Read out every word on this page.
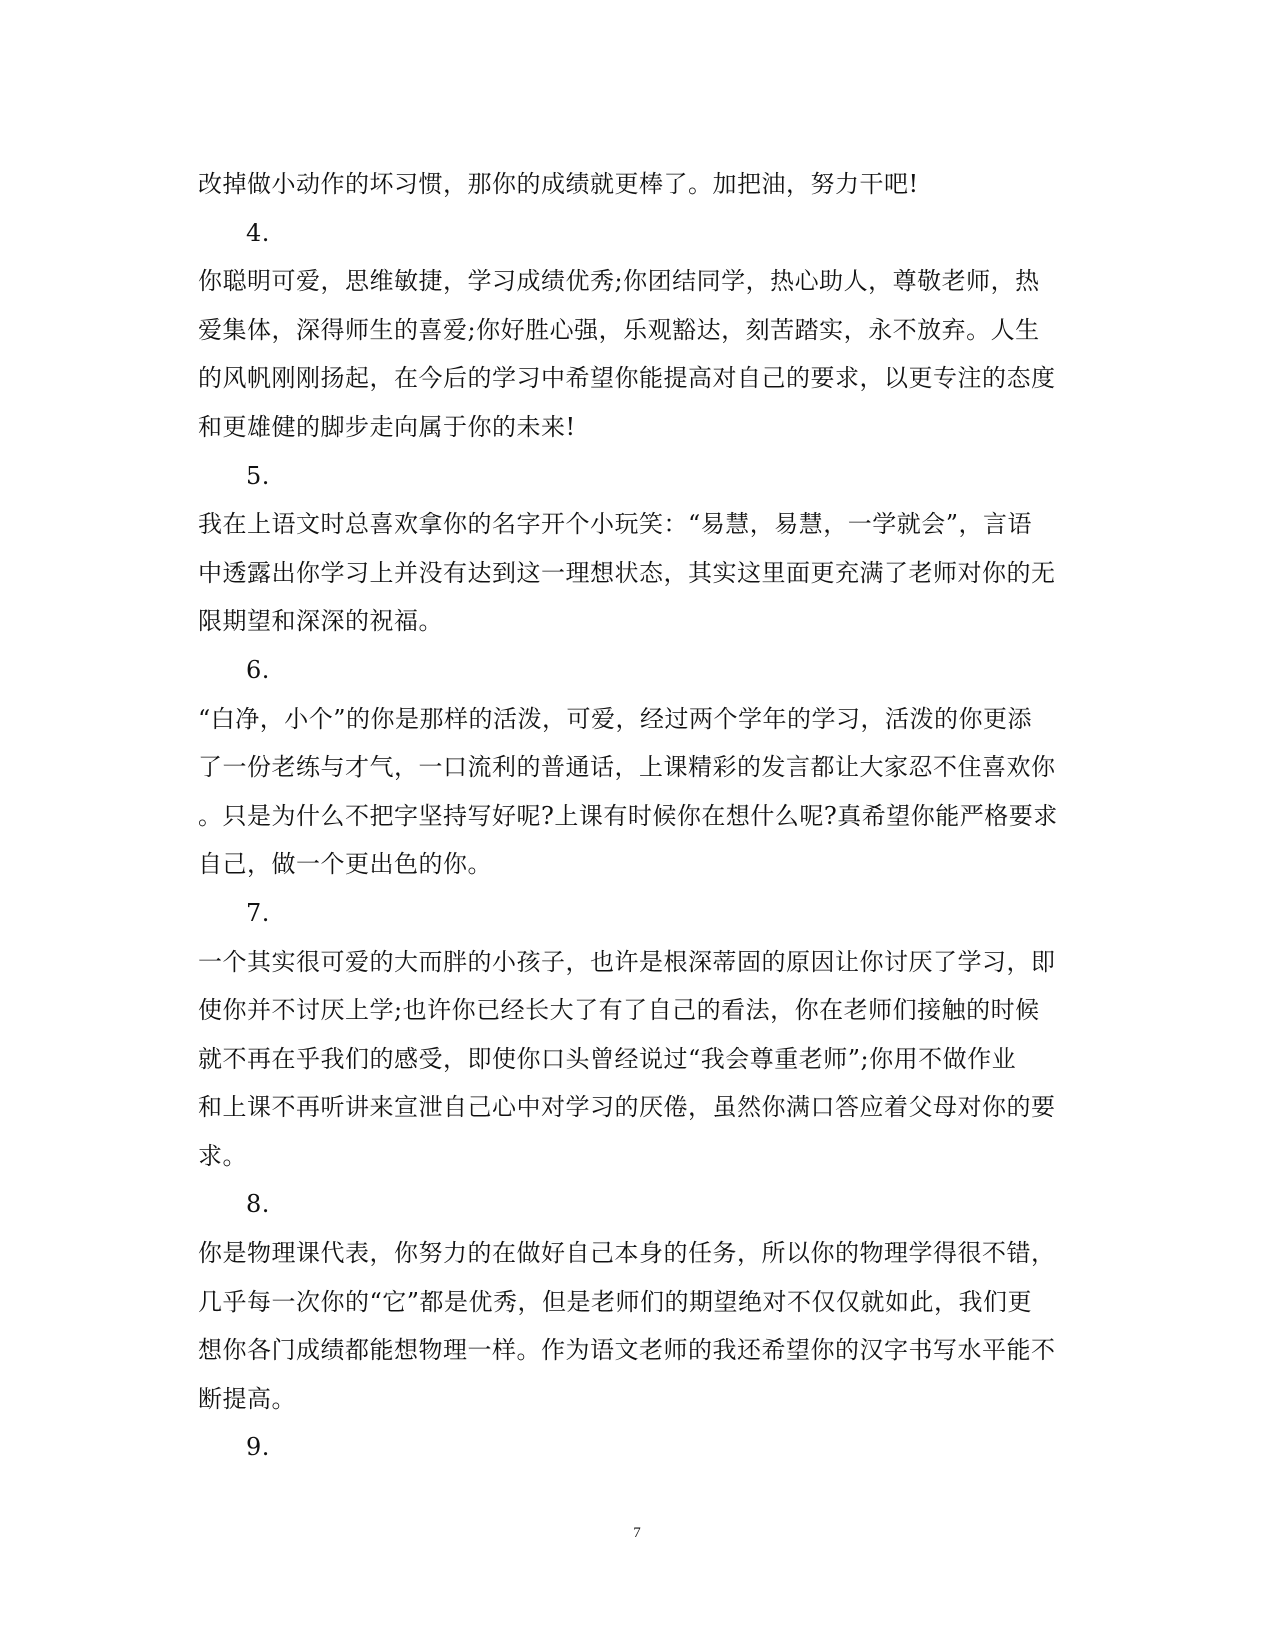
改掉做小动作的坏习惯，那你的成绩就更棒了。加把油，努力干吧!
4.
你聪明可爱，思维敏捷，学习成绩优秀;你团结同学，热心助人，尊敬老师，热
爱集体，深得师生的喜爱;你好胜心强，乐观豁达，刻苦踏实，永不放弃。人生
的风帆刚刚扬起，在今后的学习中希望你能提高对自己的要求，以更专注的态度
和更雄健的脚步走向属于你的未来!
5.
我在上语文时总喜欢拿你的名字开个小玩笑：“易慧，易慧，一学就会”，言语
中透露出你学习上并没有达到这一理想状态，其实这里面更充满了老师对你的无
限期望和深深的祝福。
6.
“白净，小个”的你是那样的活泼，可爱，经过两个学年的学习，活泼的你更添
了一份老练与才气，一口流利的普通话，上课精彩的发言都让大家忍不住喜欢你
。只是为什么不把字坚持写好呢?上课有时候你在想什么呢?真希望你能严格要求
自己，做一个更出色的你。
7.
一个其实很可爱的大而胖的小孩子，也许是根深蒂固的原因让你讨厌了学习，即
使你并不讨厌上学;也许你已经长大了有了自己的看法，你在老师们接触的时候
就不再在乎我们的感受，即使你口头曾经说过“我会尊重老师”;你用不做作业
和上课不再听讲来宣泄自己心中对学习的厌倦，虽然你满口答应着父母对你的要
求。
8.
你是物理课代表，你努力的在做好自己本身的任务，所以你的物理学得很不错，
几乎每一次你的“它”都是优秀，但是老师们的期望绝对不仅仅就如此，我们更
想你各门成绩都能想物理一样。作为语文老师的我还希望你的汉字书写水平能不
断提高。
9.
7
